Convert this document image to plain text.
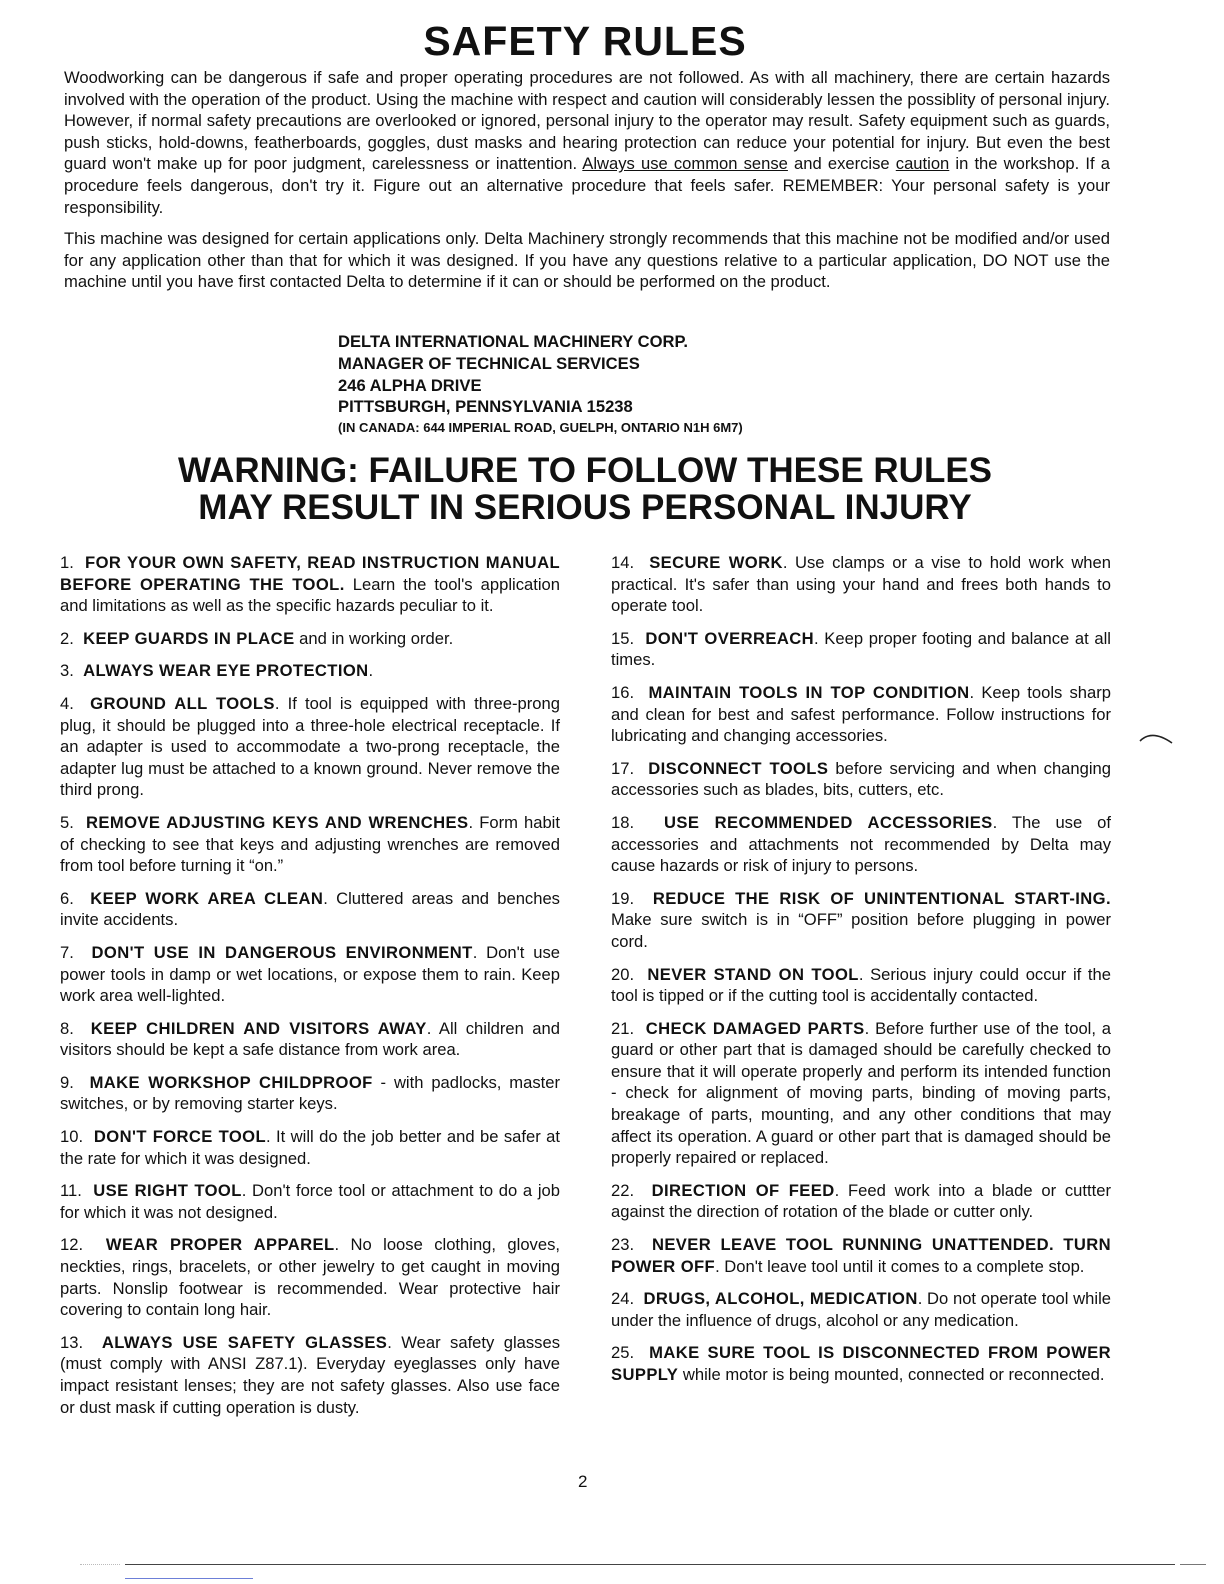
SAFETY RULES

Woodworking can be dangerous if safe and proper operating procedures are not followed. As with all machinery, there are certain hazards involved with the operation of the product. Using the machine with respect and caution will considerably lessen the possiblity of personal injury. However, if normal safety precautions are overlooked or ignored, personal injury to the operator may result. Safety equipment such as guards, push sticks, hold-downs, featherboards, goggles, dust masks and hearing protection can reduce your potential for injury. But even the best guard won't make up for poor judgment, carelessness or inattention. Always use common sense and exercise caution in the workshop. If a procedure feels dangerous, don't try it. Figure out an alternative procedure that feels safer. REMEMBER: Your personal safety is your responsibility.

This machine was designed for certain applications only. Delta Machinery strongly recommends that this machine not be modified and/or used for any application other than that for which it was designed. If you have any questions relative to a particular application, DO NOT use the machine until you have first contacted Delta to determine if it can or should be performed on the product.

DELTA INTERNATIONAL MACHINERY CORP.
MANAGER OF TECHNICAL SERVICES
246 ALPHA DRIVE
PITTSBURGH, PENNSYLVANIA 15238
(IN CANADA: 644 IMPERIAL ROAD, GUELPH, ONTARIO N1H 6M7)
WARNING: FAILURE TO FOLLOW THESE RULES
MAY RESULT IN SERIOUS PERSONAL INJURY

1. FOR YOUR OWN SAFETY, READ INSTRUCTION MANUAL BEFORE OPERATING THE TOOL. Learn the tool's application and limitations as well as the specific hazards peculiar to it.

2. KEEP GUARDS IN PLACE and in working order.

3. ALWAYS WEAR EYE PROTECTION.

4. GROUND ALL TOOLS. If tool is equipped with three-prong plug, it should be plugged into a three-hole electrical receptacle. If an adapter is used to accommodate a two-prong receptacle, the adapter lug must be attached to a known ground. Never remove the third prong.

5. REMOVE ADJUSTING KEYS AND WRENCHES. Form habit of checking to see that keys and adjusting wrenches are removed from tool before turning it “on.”

6. KEEP WORK AREA CLEAN. Cluttered areas and benches invite accidents.

7. DON'T USE IN DANGEROUS ENVIRONMENT. Don't use power tools in damp or wet locations, or expose them to rain. Keep work area well-lighted.

8. KEEP CHILDREN AND VISITORS AWAY. All children and visitors should be kept a safe distance from work area.

9. MAKE WORKSHOP CHILDPROOF - with padlocks, master switches, or by removing starter keys.

10. DON'T FORCE TOOL. It will do the job better and be safer at the rate for which it was designed.

11. USE RIGHT TOOL. Don't force tool or attachment to do a job for which it was not designed.

12. WEAR PROPER APPAREL. No loose clothing, gloves, neckties, rings, bracelets, or other jewelry to get caught in moving parts. Nonslip footwear is recommended. Wear protective hair covering to contain long hair.

13. ALWAYS USE SAFETY GLASSES. Wear safety glasses (must comply with ANSI Z87.1). Everyday eyeglasses only have impact resistant lenses; they are not safety glasses. Also use face or dust mask if cutting operation is dusty.

14. SECURE WORK. Use clamps or a vise to hold work when practical. It's safer than using your hand and frees both hands to operate tool.

15. DON'T OVERREACH. Keep proper footing and balance at all times.

16. MAINTAIN TOOLS IN TOP CONDITION. Keep tools sharp and clean for best and safest performance. Follow instructions for lubricating and changing accessories.

17. DISCONNECT TOOLS before servicing and when changing accessories such as blades, bits, cutters, etc.

18. USE RECOMMENDED ACCESSORIES. The use of accessories and attachments not recommended by Delta may cause hazards or risk of injury to persons.

19. REDUCE THE RISK OF UNINTENTIONAL START-ING. Make sure switch is in “OFF” position before plugging in power cord.

20. NEVER STAND ON TOOL. Serious injury could occur if the tool is tipped or if the cutting tool is accidentally contacted.

21. CHECK DAMAGED PARTS. Before further use of the tool, a guard or other part that is damaged should be carefully checked to ensure that it will operate properly and perform its intended function - check for alignment of moving parts, binding of moving parts, breakage of parts, mounting, and any other conditions that may affect its operation. A guard or other part that is damaged should be properly repaired or replaced.

22. DIRECTION OF FEED. Feed work into a blade or cuttter against the direction of rotation of the blade or cutter only.

23. NEVER LEAVE TOOL RUNNING UNATTENDED. TURN POWER OFF. Don't leave tool until it comes to a complete stop.

24. DRUGS, ALCOHOL, MEDICATION. Do not operate tool while under the influence of drugs, alcohol or any medication.

25. MAKE SURE TOOL IS DISCONNECTED FROM POWER SUPPLY while motor is being mounted, connected or reconnected.

2
